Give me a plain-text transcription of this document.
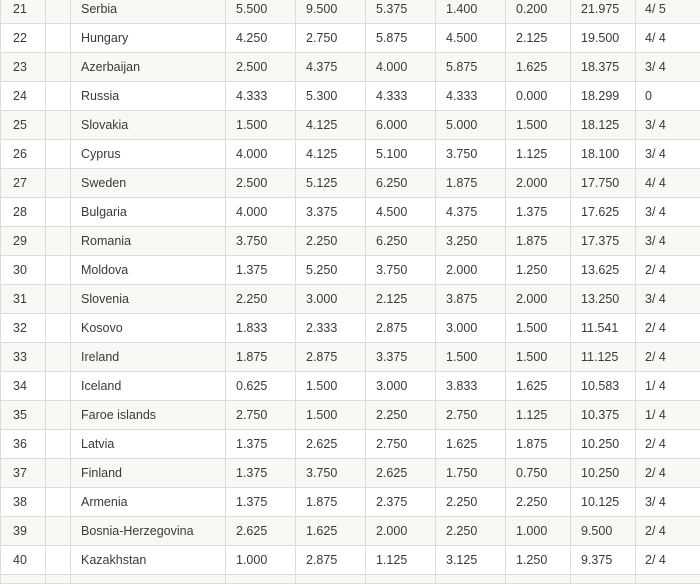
21		Serbia	5.500	9.500	5.375	1.400	0.200	21.975	4/ 5
22		Hungary	4.250	2.750	5.875	4.500	2.125	19.500	4/ 4
23		Azerbaijan	2.500	4.375	4.000	5.875	1.625	18.375	3/ 4
24		Russia	4.333	5.300	4.333	4.333	0.000	18.299	0
25		Slovakia	1.500	4.125	6.000	5.000	1.500	18.125	3/ 4
26		Cyprus	4.000	4.125	5.100	3.750	1.125	18.100	3/ 4
27		Sweden	2.500	5.125	6.250	1.875	2.000	17.750	4/ 4
28		Bulgaria	4.000	3.375	4.500	4.375	1.375	17.625	3/ 4
29		Romania	3.750	2.250	6.250	3.250	1.875	17.375	3/ 4
30		Moldova	1.375	5.250	3.750	2.000	1.250	13.625	2/ 4
31		Slovenia	2.250	3.000	2.125	3.875	2.000	13.250	3/ 4
32		Kosovo	1.833	2.333	2.875	3.000	1.500	11.541	2/ 4
33		Ireland	1.875	2.875	3.375	1.500	1.500	11.125	2/ 4
34		Iceland	0.625	1.500	3.000	3.833	1.625	10.583	1/ 4
35		Faroe islands	2.750	1.500	2.250	2.750	1.125	10.375	1/ 4
36		Latvia	1.375	2.625	2.750	1.625	1.875	10.250	2/ 4
37		Finland	1.375	3.750	2.625	1.750	0.750	10.250	2/ 4
38		Armenia	1.375	1.875	2.375	2.250	2.250	10.125	3/ 4
39		Bosnia-Herzegovina	2.625	1.625	2.000	2.250	1.000	9.500	2/ 4
40		Kazakhstan	1.000	2.875	1.125	3.125	1.250	9.375	2/ 4
